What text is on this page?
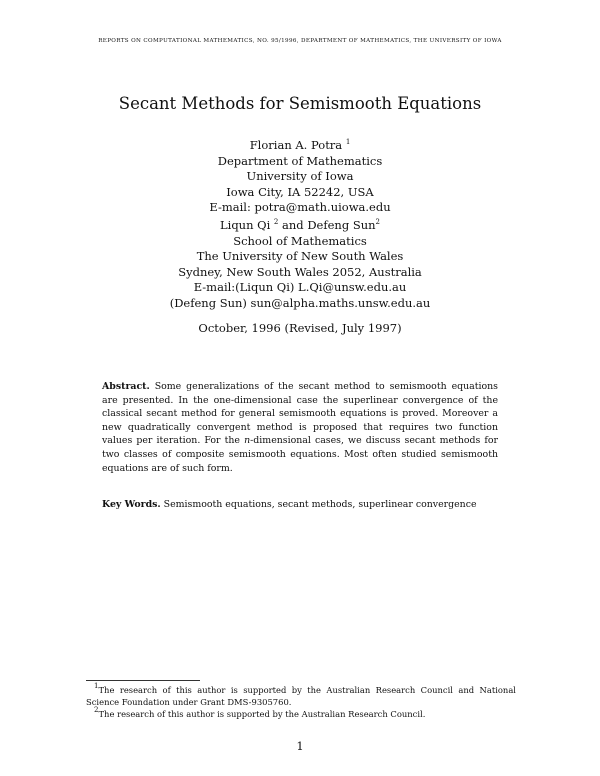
REPORTS ON COMPUTATIONAL MATHEMATICS, NO. 95/1996, DEPARTMENT OF MATHEMATICS, THE UNIVERSITY OF IOWA
Secant Methods for Semismooth Equations
Florian A. Potra $^1$
Department of Mathematics
University of Iowa
Iowa City, IA 52242, USA
E-mail: potra@math.uiowa.edu
Liqun Qi $^2$ and Defeng Sun$^2$
School of Mathematics
The University of New South Wales
Sydney, New South Wales 2052, Australia
E-mail:(Liqun Qi) L.Qi@unsw.edu.au
(Defeng Sun) sun@alpha.maths.unsw.edu.au
October, 1996 (Revised, July 1997)
Abstract. Some generalizations of the secant method to semismooth equations are presented. In the one-dimensional case the superlinear convergence of the classical secant method for general semismooth equations is proved. Moreover a new quadratically convergent method is proposed that requires two function values per iteration. For the n-dimensional cases, we discuss secant methods for two classes of composite semismooth equations. Most often studied semismooth equations are of such form.
Key Words. Semismooth equations, secant methods, superlinear convergence
$^1$The research of this author is supported by the Australian Research Council and National Science Foundation under Grant DMS-9305760.
$^2$The research of this author is supported by the Australian Research Council.
1
